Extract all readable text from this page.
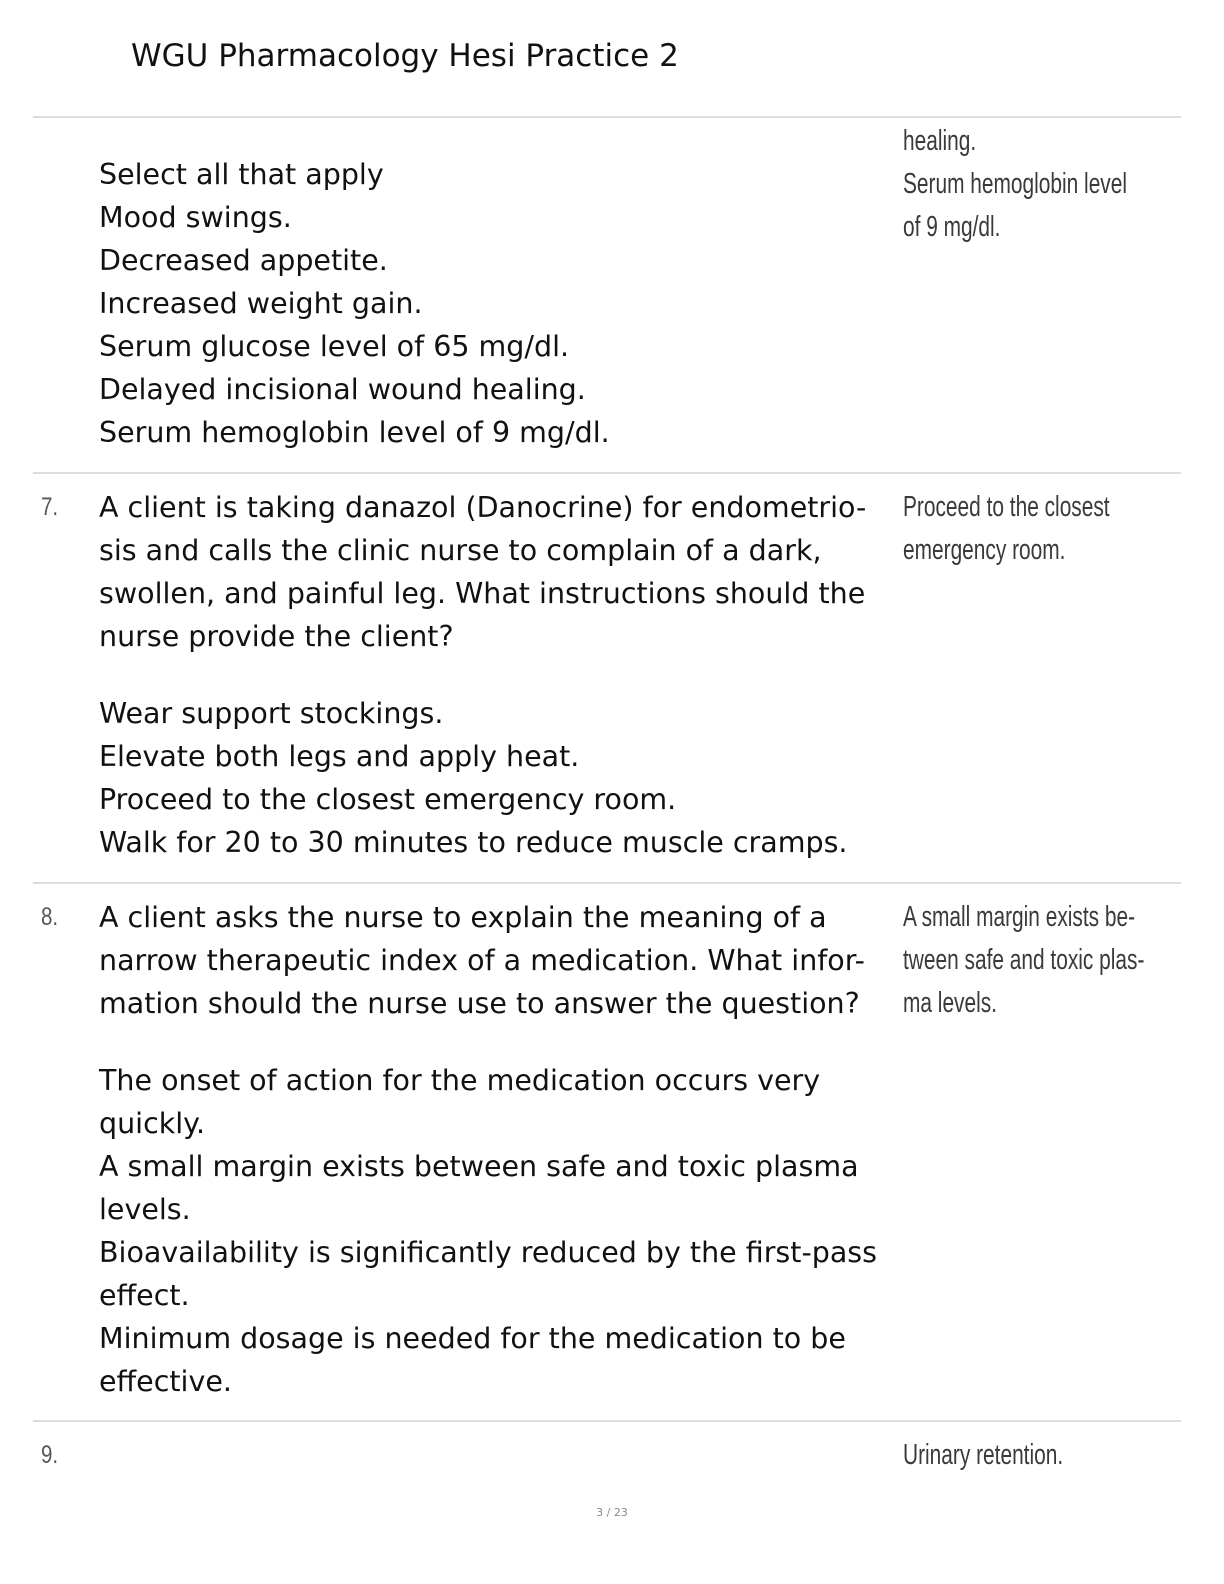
WGU Pharmacology Hesi Practice 2
Select all that apply
Mood swings.
Decreased appetite.
Increased weight gain.
Serum glucose level of 65 mg/dl.
Delayed incisional wound healing.
Serum hemoglobin level of 9 mg/dl.
healing.
Serum hemoglobin level
of 9 mg/dl.
7. A client is taking danazol (Danocrine) for endometrio-
sis and calls the clinic nurse to complain of a dark,
swollen, and painful leg. What instructions should the
nurse provide the client?
Wear support stockings.
Elevate both legs and apply heat.
Proceed to the closest emergency room.
Walk for 20 to 30 minutes to reduce muscle cramps.
Proceed to the closest
emergency room.
8. A client asks the nurse to explain the meaning of a
narrow therapeutic index of a medication. What infor-
mation should the nurse use to answer the question?
The onset of action for the medication occurs very
quickly.
A small margin exists between safe and toxic plasma
levels.
Bioavailability is significantly reduced by the first-pass
effect.
Minimum dosage is needed for the medication to be
effective.
A small margin exists be-
tween safe and toxic plas-
ma levels.
9.	Urinary retention.
3 / 23
